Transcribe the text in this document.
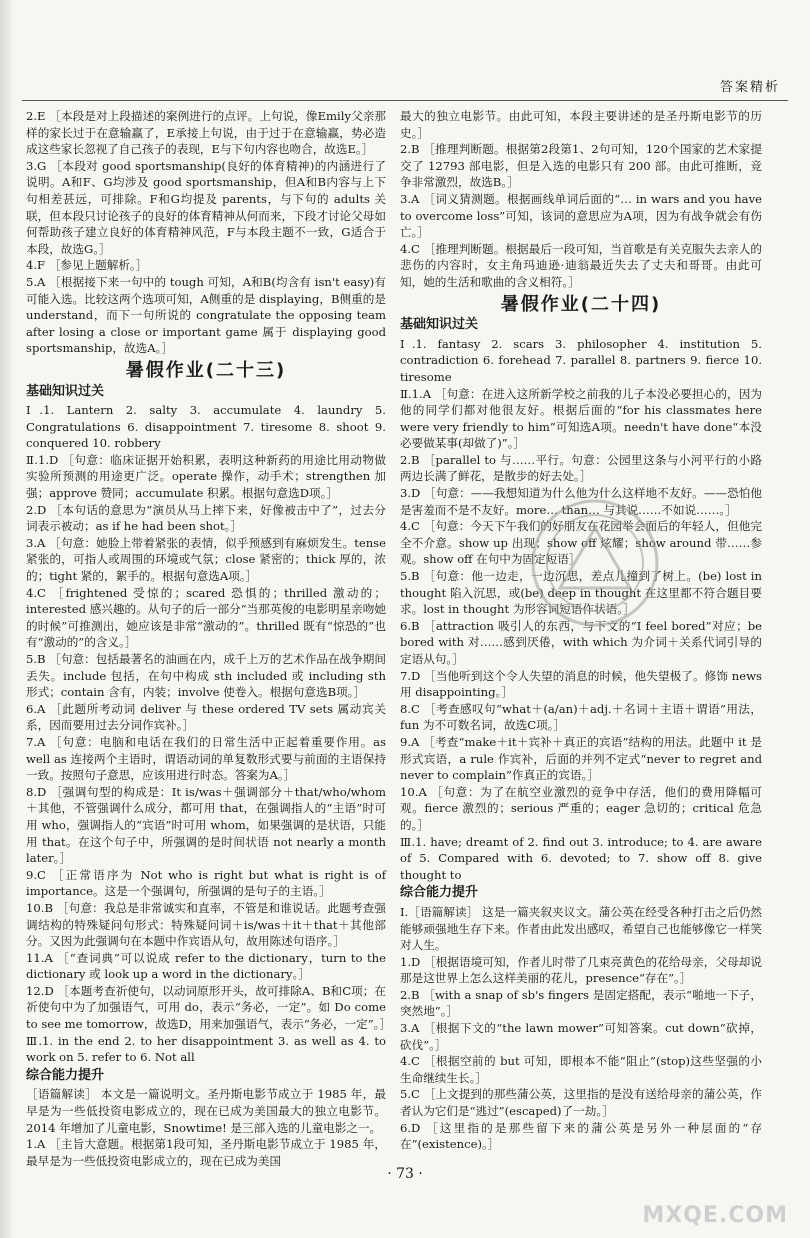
答案精析

2.E ［本段是对上段描述的案例进行的点评。上句说，像Emily父亲那样的家长过于在意输赢了，E承接上句说，由于过于在意输赢，势必造成这些家长忽视了自己孩子的表现，E与下句内容也吻合，故选E。］

3.G ［本段对 good sportsmanship(良好的体育精神)的内涵进行了说明。A和F、G均涉及 good sportsmanship，但A和B内容与上下句相差甚远，可排除。F和G均提及 parents，与下句的 adults 关联，但本段只讨论孩子的良好的体育精神从何而来，下段才讨论父母如何帮助孩子建立良好的体育精神风范，F与本段主题不一致，G适合于本段，故选G。］

4.F ［参见上题解析。］

5.A ［根据接下来一句中的 tough 可知，A和B(均含有 isn't easy)有可能入选。比较这两个选项可知，A侧重的是 displaying，B侧重的是 understand，而下一句所说的 congratulate the opposing team after losing a close or important game 属于 displaying good sportsmanship，故选A。］

暑假作业(二十三)
基础知识过关

Ⅰ.1. Lantern 2. salty 3. accumulate 4. laundry 5. Congratulations 6. disappointment 7. tiresome 8. shoot 9. conquered 10. robbery

Ⅱ.1.D ［句意：临床证据开始积累，表明这种新药的用途比用动物做实验所预测的用途更广泛。operate 操作，动手术；strengthen 加强；approve 赞同；accumulate 积累。根据句意选D项。］

2.D ［本句话的意思为“演员从马上摔下来，好像被击中了”，过去分词表示被动；as if he had been shot。］

3.A ［句意：她脸上带着紧张的表情，似乎预感到有麻烦发生。tense 紧张的，可指人或周围的环境或气氛；close 紧密的；thick 厚的，浓的；tight 紧的，絮手的。根据句意选A项。］

4.C ［frightened 受惊的；scared 恐惧的；thrilled 激动的；interested 感兴趣的。从句子的后一部分“当那英俊的电影明星亲吻她的时候”可推测出，她应该是非常“激动的”。thrilled 既有“惊恐的”也有“激动的”的含义。］

5.B ［句意：包括最著名的油画在内，成千上万的艺术作品在战争期间丢失。include 包括，在句中构成 sth included 或 including sth 形式；contain 含有，内装；involve 使卷入。根据句意选B项。］

6.A ［此题所考动词 deliver 与 these ordered TV sets 属动宾关系，因而要用过去分词作宾补。］

7.A ［句意：电脑和电话在我们的日常生活中正起着重要作用。as well as 连接两个主语时，谓语动词的单复数形式要与前面的主语保持一致。按照句子意思，应该用进行时态。答案为A。］

8.D ［强调句型的构成是：It is/was＋强调部分＋that/who/whom＋其他，不管强调什么成分，都可用 that，在强调指人的“主语”时可用 who，强调指人的“宾语”时可用 whom，如果强调的是状语，只能用 that。在这个句子中，所强调的是时间状语 not nearly a month later。］

9.C ［正常语序为 Not who is right but what is right is of importance。这是一个强调句，所强调的是句子的主语。］

10.B ［句意：我总是非常诚实和直率，不管是和谁说话。此题考查强调结构的特殊疑问句形式：特殊疑问词＋is/was＋it＋that＋其他部分。又因为此强调句在本题中作宾语从句，故用陈述句语序。］

11.A ［“查词典”可以说成 refer to the dictionary，turn to the dictionary 或 look up a word in the dictionary。］

12.D ［本题考查祈使句，以动词原形开头，故可排除A、B和C项；在祈使句中为了加强语气，可用 do，表示“务必，一定”。如 Do come to see me tomorrow，故选D，用来加强语气，表示“务必，一定”。］

Ⅲ.1. in the end 2. to her disappointment 3. as well as 4. to work on 5. refer to 6. Not all

综合能力提升

［语篇解读］ 本文是一篇说明文。圣丹斯电影节成立于 1985 年，最早是为一些低投资电影成立的，现在已成为美国最大的独立电影节。2014 年增加了儿童电影，Snowtime! 是三部入选的儿童电影之一。

1.A ［主旨大意题。根据第1段可知，圣丹斯电影节成立于 1985 年，最早是为一些低投资电影成立的，现在已成为美国

最大的独立电影节。由此可知，本段主要讲述的是圣丹斯电影节的历史。］

2.B ［推理判断题。根据第2段第1、2句可知，120个国家的艺术家提交了 12793 部电影，但是入选的电影只有 200 部。由此可推断，竞争非常激烈，故选B。］

3.A ［词义猜测题。根据画线单词后面的“… in wars and you have to overcome loss”可知，该词的意思应为A项，因为有战争就会有伤亡。］

4.C ［推理判断题。根据最后一段可知，当首歌是有关克服失去亲人的悲伤的内容时，女主角玛迪逊·迪翁最近失去了丈夫和哥哥。由此可知，她的生活和歌曲的含义相符。］

暑假作业(二十四)
基础知识过关

Ⅰ.1. fantasy 2. scars 3. philosopher 4. institution 5. contradiction 6. forehead 7. parallel 8. partners 9. fierce 10. tiresome

Ⅱ.1.A ［句意：在进入这所新学校之前我的儿子本没必要担心的，因为他的同学们都对他很友好。根据后面的“for his classmates here were very friendly to him”可知选A项。needn't have done“本没必要做某事(却做了)”。］

2.B ［parallel to 与……平行。句意：公园里这条与小河平行的小路两边长满了鲜花，是散步的好去处。］

3.D ［句意：——我想知道为什么他为什么这样地不友好。——恐怕他是害羞而不是不友好。more… than… 与其说……不如说……。］

4.C ［句意：今天下午我们的好朋友在花园举会面后的年轻人，但他完全不介意。show up 出现；show off 炫耀；show around 带……参观。show off 在句中为固定短语］

5.B ［句意：他一边走，一边沉思，差点儿撞到了树上。(be) lost in thought 陷入沉思，或(be) deep in thought 在这里都不符合题目要求。lost in thought 为形容词短语作状语。］

6.B ［attraction 吸引人的东西，与下文的“I feel bored”对应；be bored with 对……感到厌倦，with which 为介词＋关系代词引导的定语从句。］

7.D ［当他听到这个令人失望的消息的时候，他失望极了。修饰 news 用 disappointing。］

8.C ［考查感叹句“what＋(a/an)＋adj.＋名词＋主语＋谓语”用法，fun 为不可数名词，故选C项。］

9.A ［考查“make＋it＋宾补＋真正的宾语”结构的用法。此题中 it 是形式宾语，a rule 作宾补，后面的并列不定式“never to regret and never to complain”作真正的宾语。］

10.A ［句意：为了在航空业激烈的竞争中存活，他们的费用降幅可观。fierce 激烈的；serious 严重的；eager 急切的；critical 危急的。］

Ⅲ.1. have; dreamt of 2. find out 3. introduce; to 4. are aware of 5. Compared with 6. devoted; to 7. show off 8. give thought to

综合能力提升

Ⅰ.［语篇解读］ 这是一篇夹叙夹议文。蒲公英在经受各种打击之后仍然能够顽强地生存下来。作者由此发出感叹，希望自己也能够像它一样笑对人生。

1.D ［根据语境可知，作者儿时带了几束亮黄色的花给母亲，父母却说那是这世界上怎么这样美丽的花儿，presence“存在”。］

2.B ［with a snap of sb's fingers 是固定搭配，表示“啪地一下子，突然地”。］

3.A ［根据下文的“the lawn mower”可知答案。cut down“砍掉，砍伐”。］

4.C ［根据空前的 but 可知，即根本不能“阻止”(stop)这些坚强的小生命继续生长。］

5.C ［上文提到的那些蒲公英，这里指的是没有送给母亲的蒲公英，作者认为它们是“逃过”(escaped)了一劫。］

6.D ［这里指的是那些留下来的蒲公英是另外一种层面的“存在”(existence)。］

· 73 ·
MXQE.COM
